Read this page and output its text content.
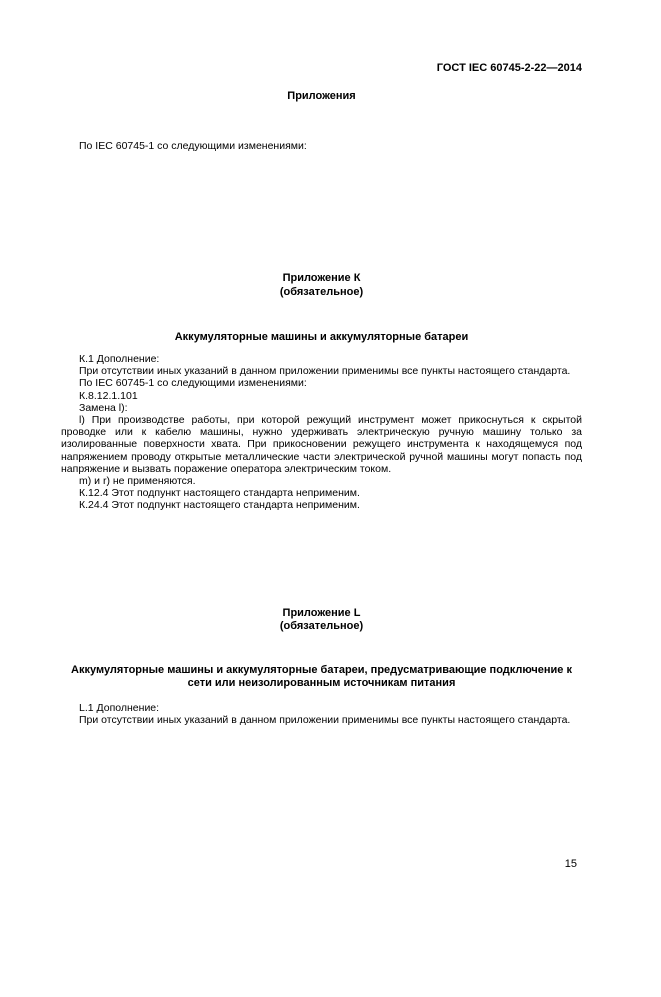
ГОСТ IEC 60745-2-22—2014
Приложения

По IEC 60745-1 со следующими изменениями:

Приложение К
(обязательное)
Аккумуляторные машины и аккумуляторные батареи

К.1 Дополнение:

При отсутствии иных указаний в данном приложении применимы все пункты настоящего стандарта.

По IEC 60745-1 со следующими изменениями:

К.8.12.1.101

Замена l):

l) При производстве работы, при которой режущий инструмент может прикоснуться к скрытой проводке или к кабелю машины, нужно удерживать электрическую ручную машину только за изолированные поверхности хвата. При прикосновении режущего инструмента к находящемуся под напряжением проводу открытые металлические части электрической ручной машины могут попасть под напряжение и вызвать поражение оператора электрическим током.

m) и r) не применяются.

К.12.4 Этот подпункт настоящего стандарта неприменим.

К.24.4 Этот подпункт настоящего стандарта неприменим.

Приложение L
(обязательное)
Аккумуляторные машины и аккумуляторные батареи, предусматривающие подключение к сети или неизолированным источникам питания

L.1 Дополнение:

При отсутствии иных указаний в данном приложении применимы все пункты настоящего стандарта.

15
